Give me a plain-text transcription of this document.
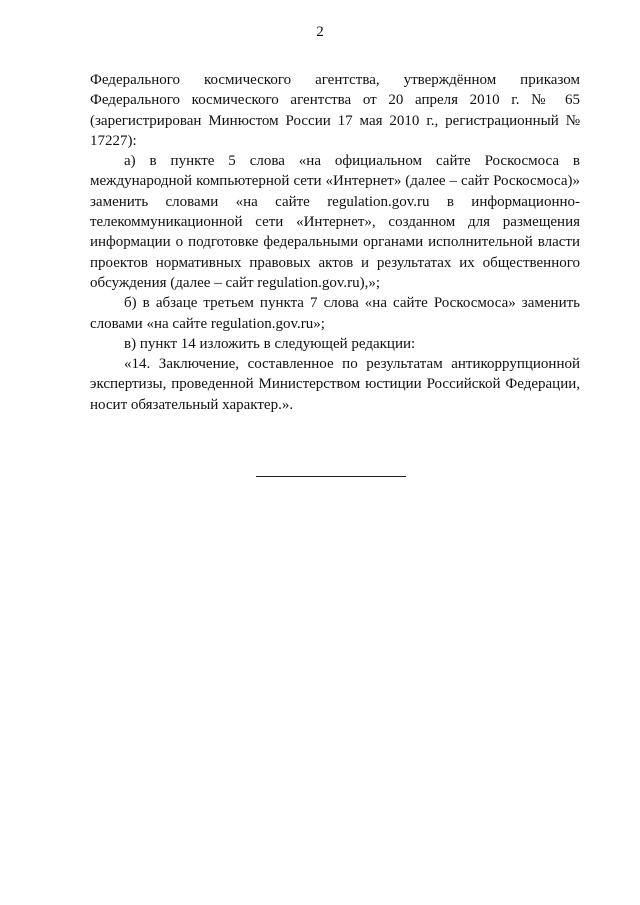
2

Федерального космического агентства, утверждённом приказом Федерального космического агентства от 20 апреля 2010 г. № 65 (зарегистрирован Минюстом России 17 мая 2010 г., регистрационный № 17227):

а) в пункте 5 слова «на официальном сайте Роскосмоса в международной компьютерной сети «Интернет» (далее – сайт Роскосмоса)» заменить словами «на сайте regulation.gov.ru в информационно-телекоммуникационной сети «Интернет», созданном для размещения информации о подготовке федеральными органами исполнительной власти проектов нормативных правовых актов и результатах их общественного обсуждения (далее – сайт regulation.gov.ru),»;

б) в абзаце третьем пункта 7 слова «на сайте Роскосмоса» заменить словами «на сайте regulation.gov.ru»;

в) пункт 14 изложить в следующей редакции:

«14. Заключение, составленное по результатам антикоррупционной экспертизы, проведенной Министерством юстиции Российской Федерации, носит обязательный характер.».
